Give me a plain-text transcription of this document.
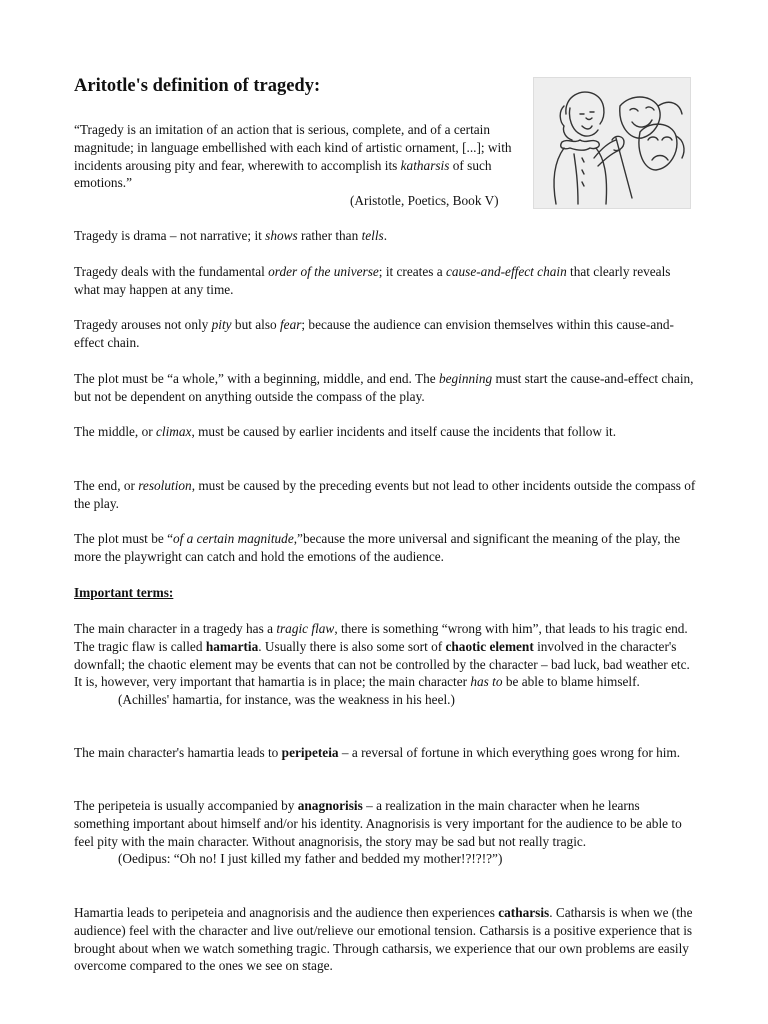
Aritotle's definition of tragedy:

“Tragedy is an imitation of an action that is serious, complete, and of a certain magnitude; in language embellished with each kind of artistic ornament, [...]; with incidents arousing pity and fear, wherewith to accomplish its katharsis of such emotions.”
(Aristotle, Poetics, Book V)

Tragedy is drama – not narrative; it shows rather than tells.

Tragedy deals with the fundamental order of the universe; it creates a cause-and-effect chain that clearly reveals what may happen at any time.

Tragedy arouses not only pity but also fear; because the audience can envision themselves within this cause-and-effect chain.

The plot must be “a whole,” with a beginning, middle, and end. The beginning must start the cause-and-effect chain, but not be dependent on anything outside the compass of the play.

The middle, or climax, must be caused by earlier incidents and itself cause the incidents that follow it.

The end, or resolution, must be caused by the preceding events but not lead to other incidents outside the compass of the play.

The plot must be “of a certain magnitude,”because the more universal and significant the meaning of the play, the more the playwright can catch and hold the emotions of the audience.

Important terms:

The main character in a tragedy has a tragic flaw, there is something “wrong with him”, that leads to his tragic end. The tragic flaw is called hamartia. Usually there is also some sort of chaotic element involved in the character's downfall; the chaotic element may be events that can not be controlled by the character – bad luck, bad weather etc. It is, however, very important that hamartia is in place; the main character has to be able to blame himself.
(Achilles' hamartia, for instance, was the weakness in his heel.)

The main character's hamartia leads to peripeteia – a reversal of fortune in which everything goes wrong for him.

The peripeteia is usually accompanied by anagnorisis – a realization in the main character when he learns something important about himself and/or his identity. Anagnorisis is very important for the audience to be able to feel pity with the main character. Without anagnorisis, the story may be sad but not really tragic.
(Oedipus: “Oh no! I just killed my father and bedded my mother!?!?!?”)

Hamartia leads to peripeteia and anagnorisis and the audience then experiences catharsis. Catharsis is when we (the audience) feel with the character and live out/relieve our emotional tension. Catharsis is a positive experience that is brought about when we watch something tragic. Through catharsis, we experience that our own problems are easily overcome compared to the ones we see on stage.
